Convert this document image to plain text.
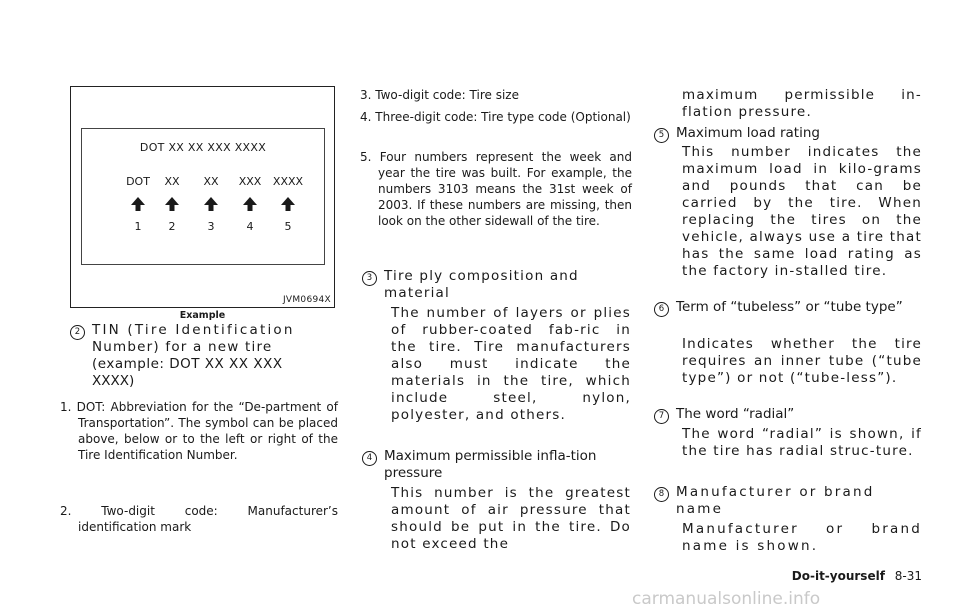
DOT XX XX XXX XXXX
DOT	XX	XX	XXX	XXXX
1	2	3	4	5
JVM0694X
Example
2 TIN (Tire Identification
Number) for a new tire
(example: DOT XX XX XXX
XXXX)
1. DOT: Abbreviation for the “De-partment of Transportation”. The symbol can be placed above, below or to the left or right of the Tire Identification Number.
2. Two-digit code: Manufacturer’s identification mark
3. Two-digit code: Tire size
4. Three-digit code: Tire type code (Optional)
5. Four numbers represent the week and year the tire was built. For example, the numbers 3103 means the 31st week of 2003. If these numbers are missing, then look on the other sidewall of the tire.
3 Tire ply composition and material
The number of layers or plies of rubber-coated fab-ric in the tire. Tire manufacturers also must indicate the materials in the tire, which include steel, nylon, polyester, and others.
4 Maximum permissible infla-tion pressure
This number is the greatest amount of air pressure that should be put in the tire. Do not exceed the
maximum permissible in-flation pressure.
5 Maximum load rating
This number indicates the maximum load in kilo-grams and pounds that can be carried by the tire. When replacing the tires on the vehicle, always use a tire that has the same load rating as the factory in-stalled tire.
6 Term of “tubeless” or “tube type”
Indicates whether the tire requires an inner tube (“tube type”) or not (“tube-less”).
7 The word “radial”
The word “radial” is shown, if the tire has radial struc-ture.
8 Manufacturer or brand name
Manufacturer or brand name is shown.
Do-it-yourself 8-31
carmanualsonline.info
